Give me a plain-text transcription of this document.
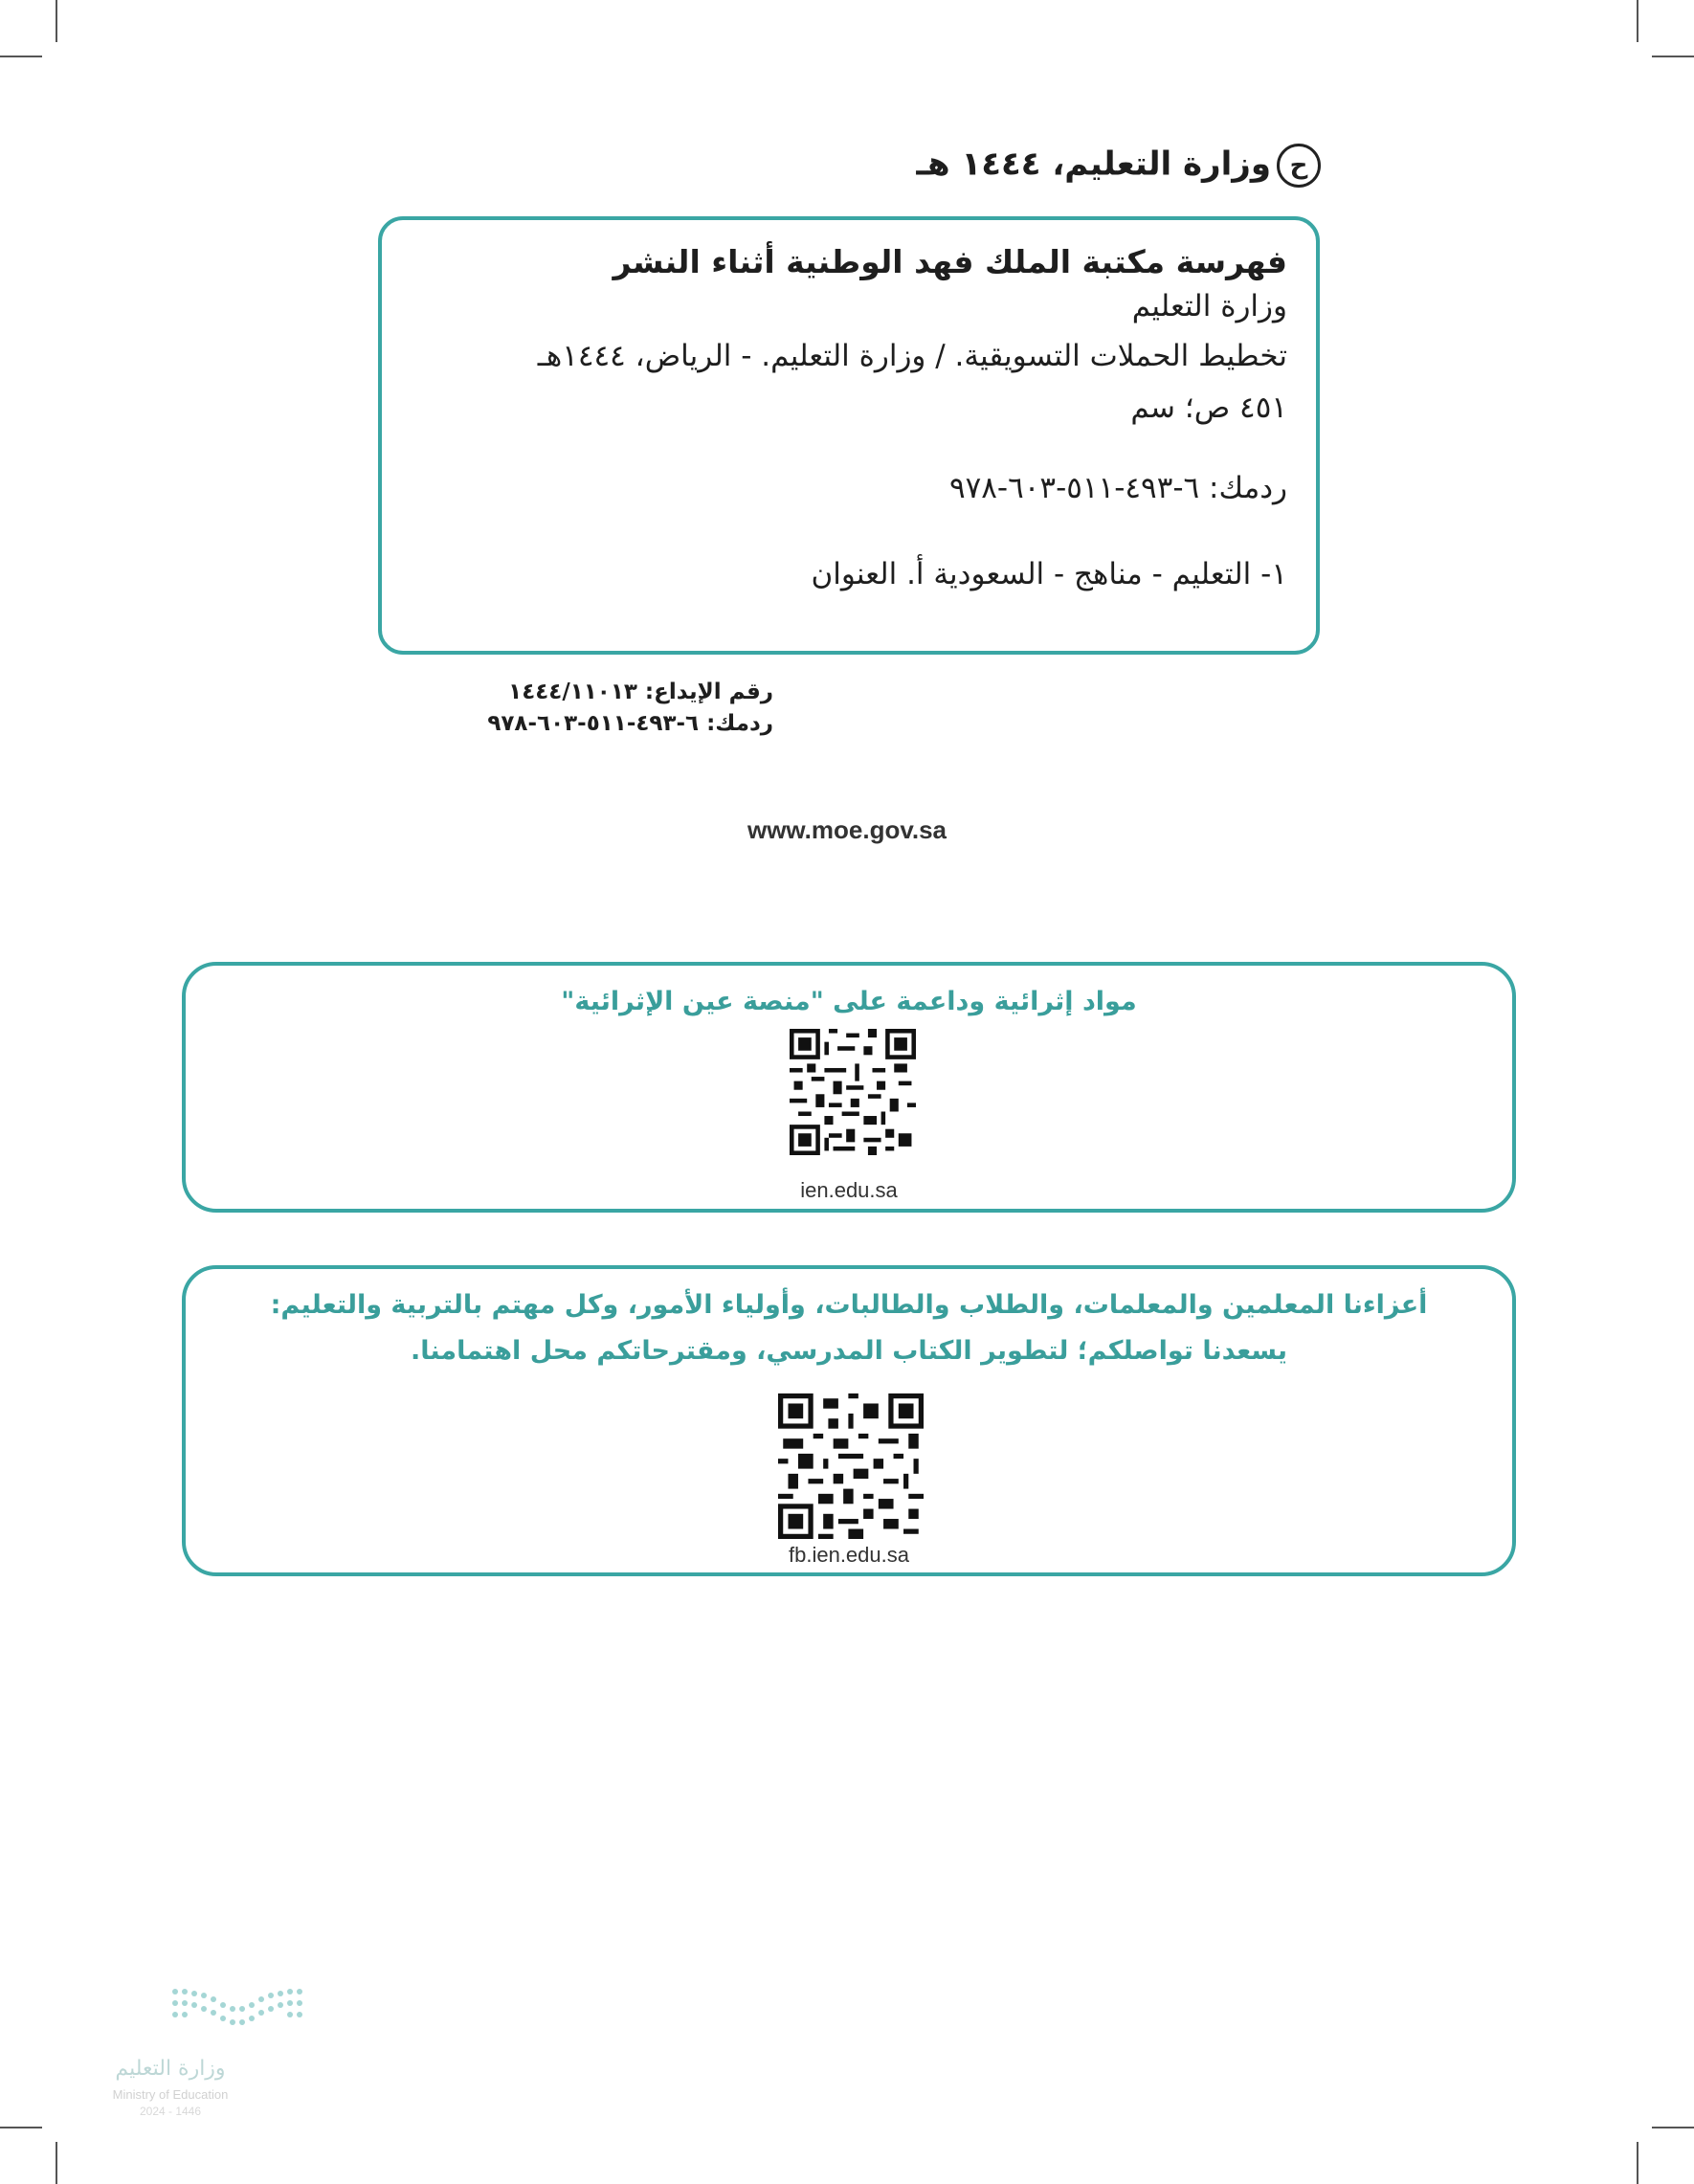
حوزارة التعليم، ١٤٤٤ هـ
فهرسة مكتبة الملك فهد الوطنية أثناء النشر
وزارة التعليم
تخطيط الحملات التسويقية. / وزارة التعليم. - الرياض، ١٤٤٤هـ
٤٥١ ص؛ سم
ردمك: ٦-٤٩٣-٥١١-٦٠٣-٩٧٨
١- التعليم - مناهج - السعودية أ. العنوان
رقم الإيداع: ١٤٤٤/١١٠١٣
ردمك: ٦-٤٩٣-٥١١-٦٠٣-٩٧٨
www.moe.gov.sa
مواد إثرائية وداعمة على "منصة عين الإثرائية"
ien.edu.sa
أعزاءنا المعلمين والمعلمات، والطلاب والطالبات، وأولياء الأمور، وكل مهتم بالتربية والتعليم:
يسعدنا تواصلكم؛ لتطوير الكتاب المدرسي، ومقترحاتكم محل اهتمامنا.
fb.ien.edu.sa
وزارة التعليم
Ministry of Education
2024 - 1446
